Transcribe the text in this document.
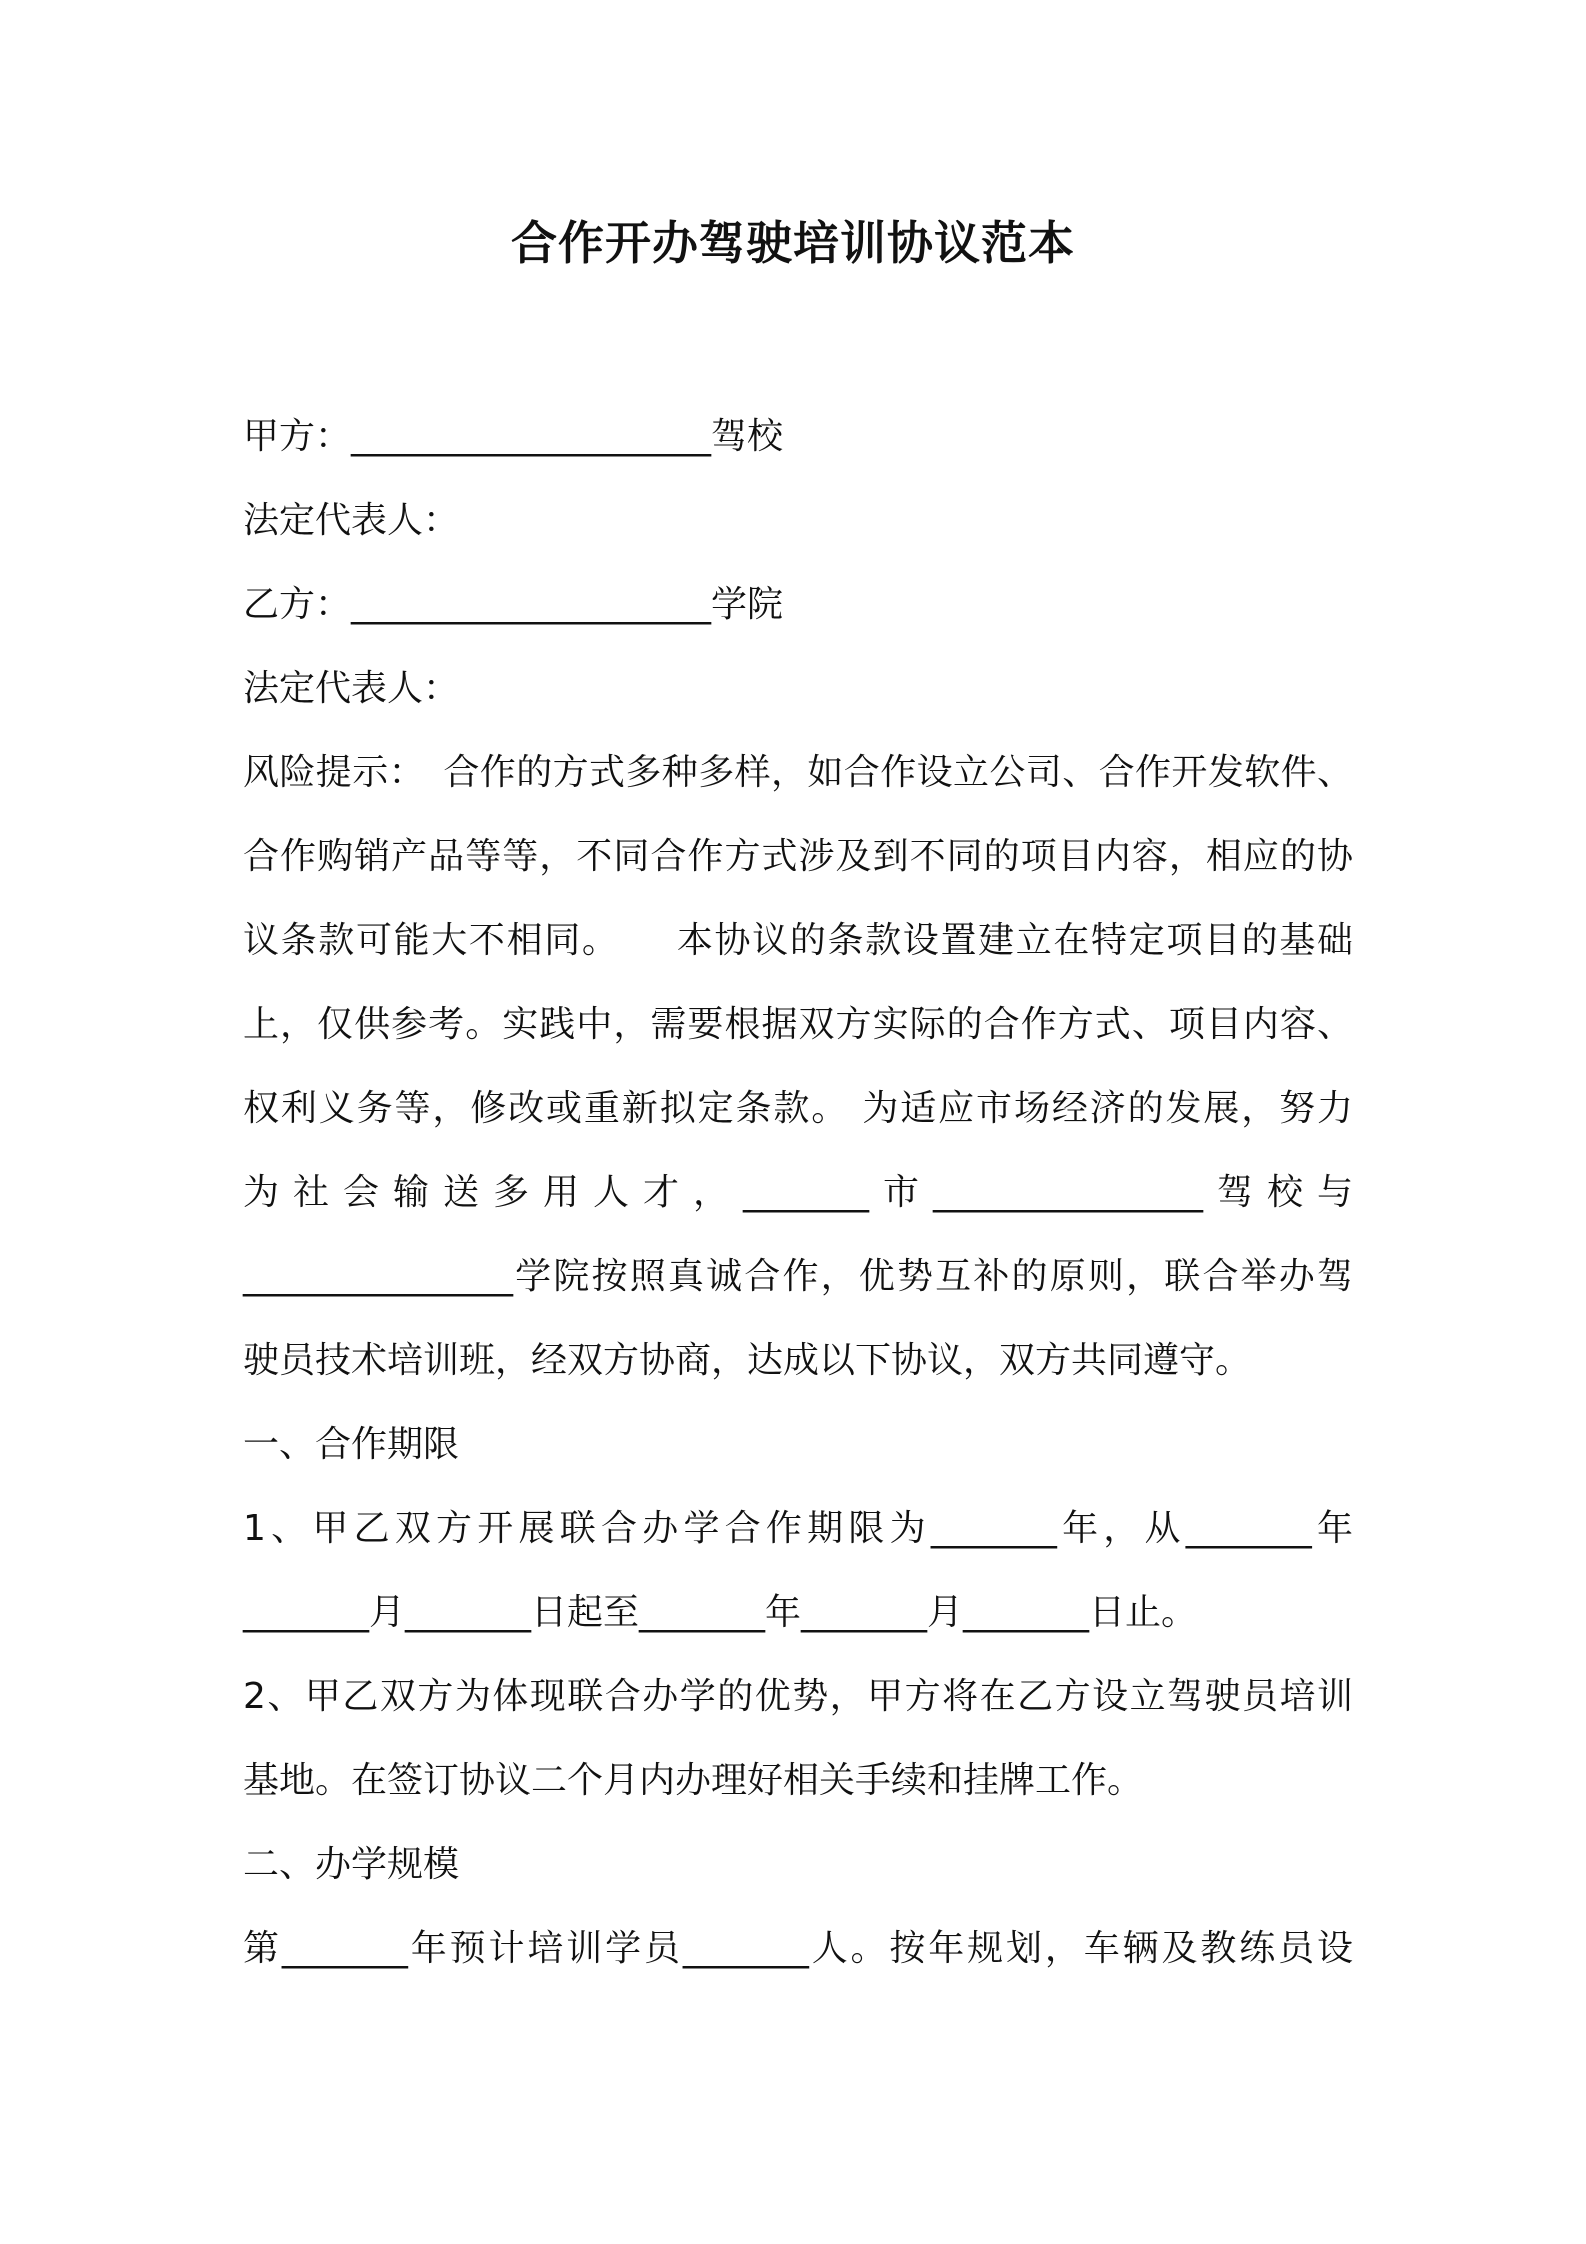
合作开办驾驶培训协议范本
甲方：____________________驾校
法定代表人：
乙方：____________________学院
法定代表人：
风险提示：　合作的方式多种多样，如合作设立公司、合作开发软件、
合作购销产品等等，不同合作方式涉及到不同的项目内容，相应的协
议条款可能大不相同。　　本协议的条款设置建立在特定项目的基础
上，仅供参考。实践中，需要根据双方实际的合作方式、项目内容、
权利义务等，修改或重新拟定条款。 为适应市场经济的发展，努力
为社会输送多用人才，_______市_______________驾校与
_______________学院按照真诚合作，优势互补的原则，联合举办驾
驶员技术培训班，经双方协商，达成以下协议，双方共同遵守。
一、合作期限
1、甲乙双方开展联合办学合作期限为_______年，从_______年
_______月_______日起至_______年_______月_______日止。
2、甲乙双方为体现联合办学的优势，甲方将在乙方设立驾驶员培训
基地。在签订协议二个月内办理好相关手续和挂牌工作。
二、办学规模
第_______年预计培训学员_______人。按年规划，车辆及教练员设
